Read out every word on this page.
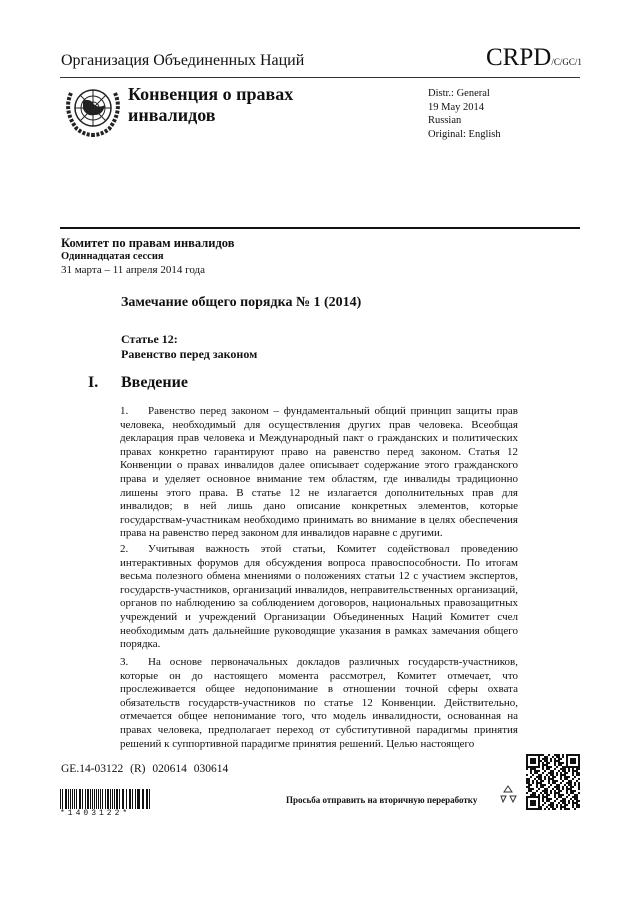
Организация Объединенных Наций	CRPD/C/GC/1
Конвенция о правах
инвалидов
Distr.: General
19 May 2014
Russian
Original: English
Комитет по правам инвалидов
Одиннадцатая сессия
31 марта – 11 апреля 2014 года
Замечание общего порядка № 1 (2014)
Статье 12:
Равенство перед законом
I. Введение
1. Равенство перед законом – фундаментальный общий принцип защиты прав человека, необходимый для осуществления других прав человека. Всеобщая декларация прав человека и Международный пакт о гражданских и политических правах конкретно гарантируют право на равенство перед законом. Статья 12 Конвенции о правах инвалидов далее описывает содержание этого гражданского права и уделяет основное внимание тем областям, где инвалиды традиционно лишены этого права. В статье 12 не излагается дополнительных прав для инвалидов; в ней лишь дано описание конкретных элементов, которые государствам-участникам необходимо принимать во внимание в целях обеспечения права на равенство перед законом для инвалидов наравне с другими.
2. Учитывая важность этой статьи, Комитет содействовал проведению интерактивных форумов для обсуждения вопроса правоспособности. По итогам весьма полезного обмена мнениями о положениях статьи 12 с участием экспертов, государств-участников, организаций инвалидов, неправительственных организаций, органов по наблюдению за соблюдением договоров, национальных правозащитных учреждений и учреждений Организации Объединенных Наций Комитет счел необходимым дать дальнейшие руководящие указания в рамках замечания общего порядка.
3. На основе первоначальных докладов различных государств-участников, которые он до настоящего момента рассмотрел, Комитет отмечает, что прослеживается общее недопонимание в отношении точной сферы охвата обязательств государств-участников по статье 12 Конвенции. Действительно, отмечается общее непонимание того, что модель инвалидности, основанная на правах человека, предполагает переход от субститутивной парадигмы принятия решений к суппортивной парадигме принятия решений. Целью настоящего
GE.14-03122 (R) 020614 030614
*1403122*
Просьба отправить на вторичную переработку
